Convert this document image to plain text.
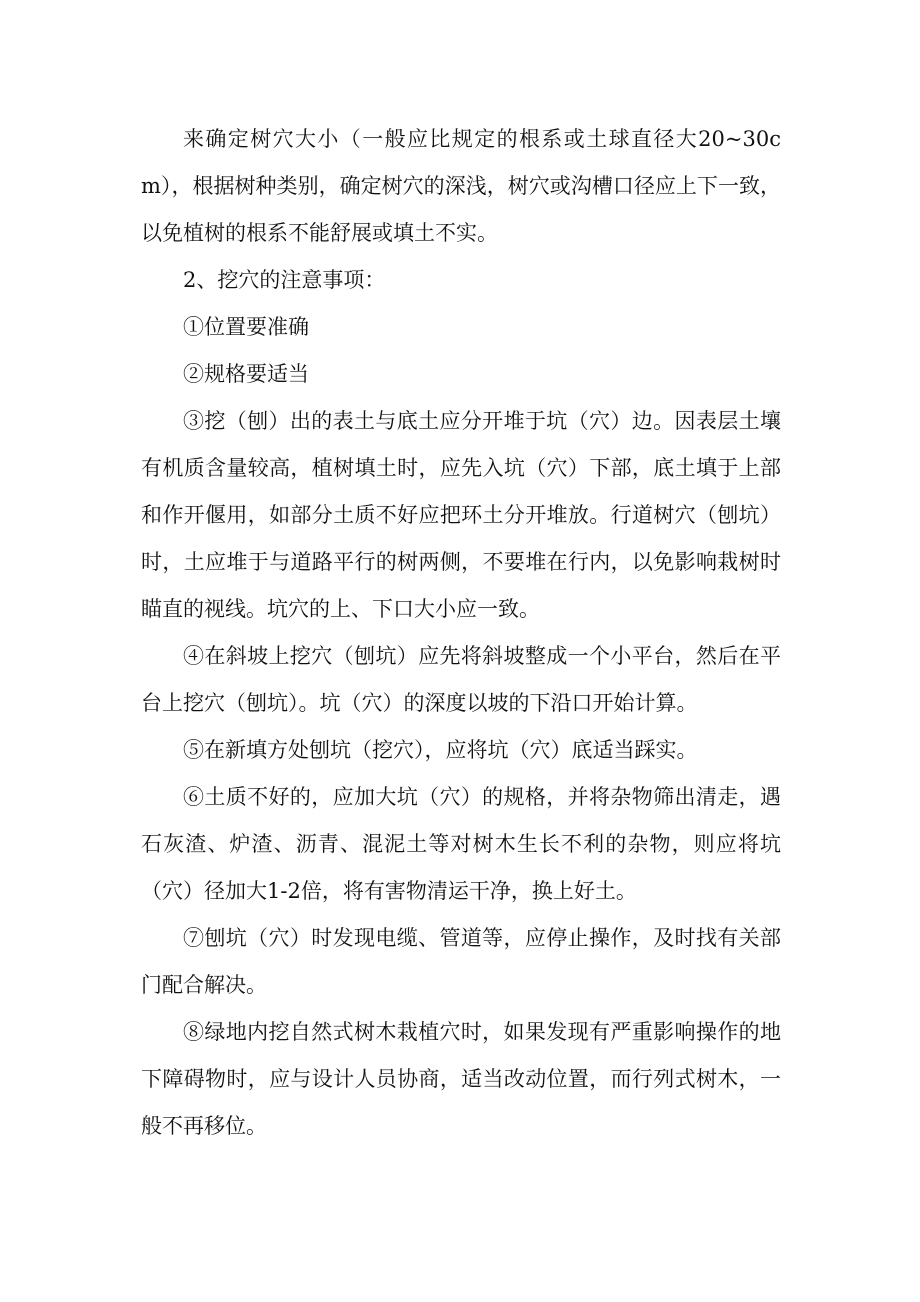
来确定树穴大小（一般应比规定的根系或土球直径大20~30cm），根据树种类别，确定树穴的深浅，树穴或沟槽口径应上下一致，以免植树的根系不能舒展或填土不实。

2、挖穴的注意事项：

①位置要准确

②规格要适当

③挖（刨）出的表土与底土应分开堆于坑（穴）边。因表层土壤有机质含量较高，植树填土时，应先入坑（穴）下部，底土填于上部和作开偃用，如部分土质不好应把环土分开堆放。行道树穴（刨坑）时，土应堆于与道路平行的树两侧，不要堆在行内，以免影响栽树时瞄直的视线。坑穴的上、下口大小应一致。

④在斜坡上挖穴（刨坑）应先将斜坡整成一个小平台，然后在平台上挖穴（刨坑）。坑（穴）的深度以坡的下沿口开始计算。

⑤在新填方处刨坑（挖穴），应将坑（穴）底适当踩实。

⑥土质不好的，应加大坑（穴）的规格，并将杂物筛出清走，遇石灰渣、炉渣、沥青、混泥土等对树木生长不利的杂物，则应将坑（穴）径加大1-2倍，将有害物清运干净，换上好土。

⑦刨坑（穴）时发现电缆、管道等，应停止操作，及时找有关部门配合解决。

⑧绿地内挖自然式树木栽植穴时，如果发现有严重影响操作的地下障碍物时，应与设计人员协商，适当改动位置，而行列式树木，一般不再移位。
